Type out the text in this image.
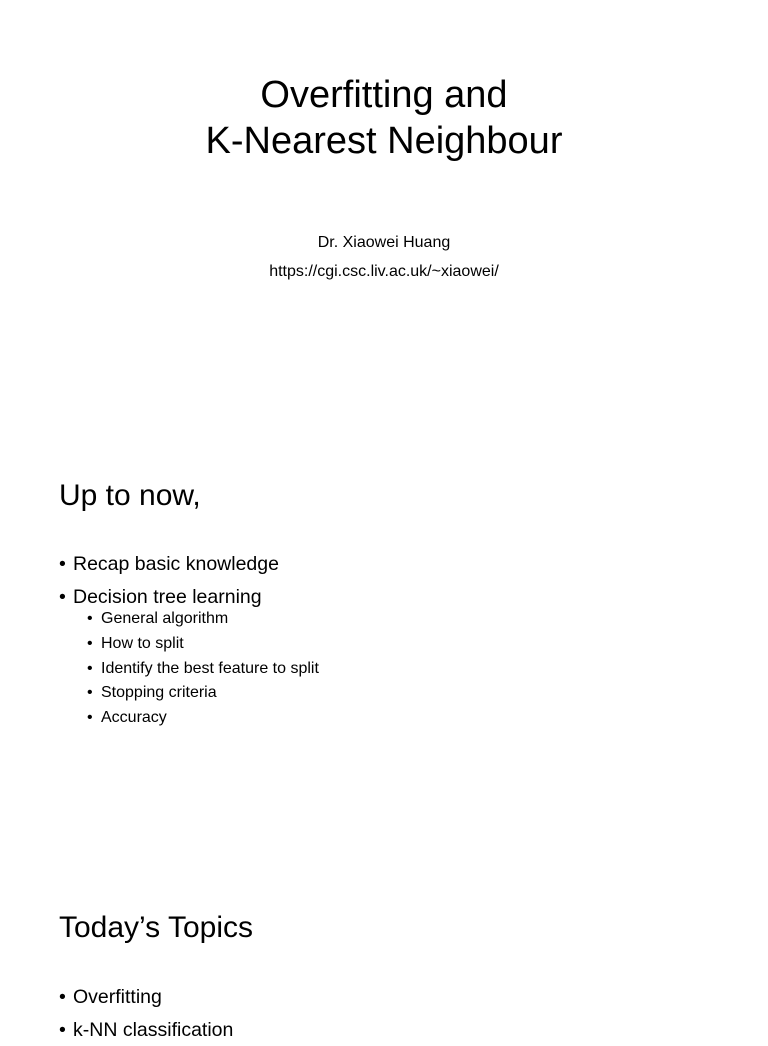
Overfitting and
K-Nearest Neighbour
Dr. Xiaowei Huang
https://cgi.csc.liv.ac.uk/~xiaowei/
Up to now,
• Recap basic knowledge
• Decision tree learning
• General algorithm
• How to split
• Identify the best feature to split
• Stopping criteria
• Accuracy
Today’s Topics
• Overfitting
• k-NN classification
